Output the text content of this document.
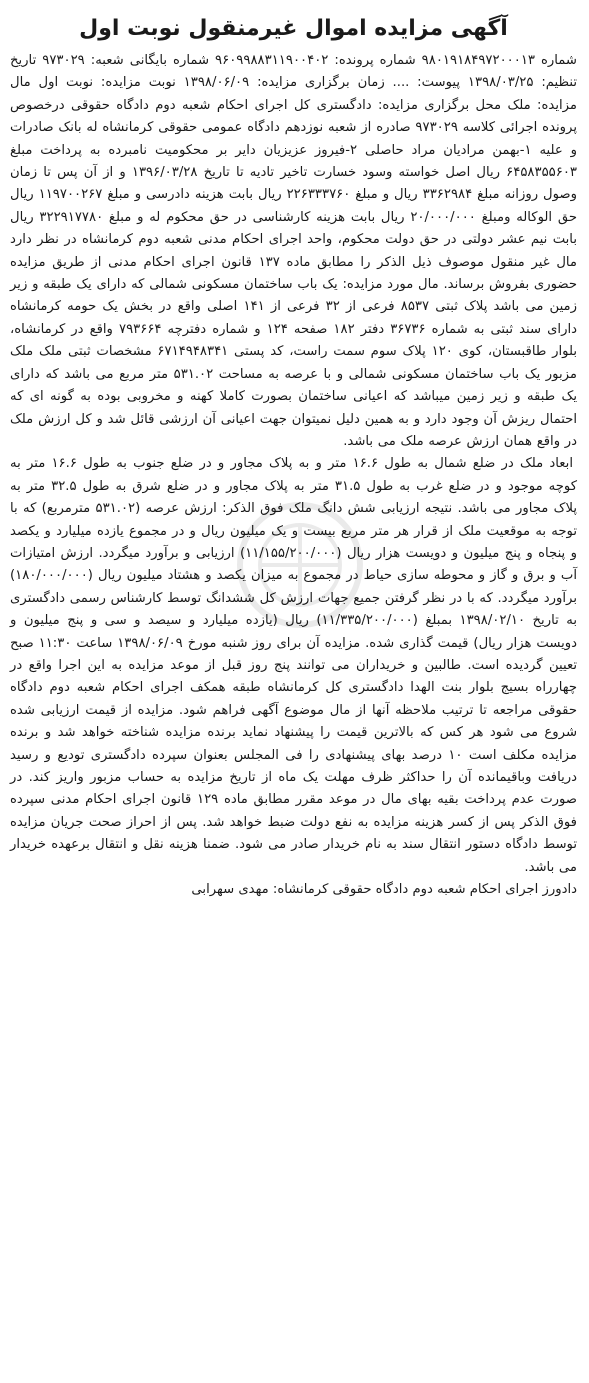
آگهی مزایده اموال غیرمنقول نوبت اول

شماره ۹۸۰۱۹۱۸۴۹۷۲۰۰۰۱۳ شماره پرونده: ۹۶۰۹۹۸۸۳۱۱۹۰۰۴۰۲ شماره بایگانی شعبه: ۹۷۳۰۲۹ تاریخ تنظیم: ۱۳۹۸/۰۳/۲۵ پیوست: .... زمان برگزاری مزایده: ۱۳۹۸/۰۶/۰۹ نوبت مزایده: نوبت اول مال مزایده: ملک محل برگزاری مزایده: دادگستری کل اجرای احکام شعبه دوم دادگاه حقوقی درخصوص پرونده اجرائی کلاسه ۹۷۳۰۲۹ صادره از شعبه نوزدهم دادگاه عمومی حقوقی کرمانشاه له بانک صادرات و علیه ۱-بهمن مرادیان مراد حاصلی ۲-فیروز عزیزیان دایر بر محکومیت نامبرده به پرداخت مبلغ ۶۴۵۸۳۵۵۶۰۳ ریال اصل خواسته وسود خسارت تاخیر تادیه تا تاریخ ۱۳۹۶/۰۳/۲۸ و از آن پس تا زمان وصول روزانه مبلغ ۳۳۶۲۹۸۴ ریال و مبلغ ۲۲۶۳۳۳۷۶۰ ریال بابت هزینه دادرسی و مبلغ ۱۱۹۷۰۰۲۶۷ ریال حق الوکاله ومبلغ ۲۰/۰۰۰/۰۰۰ ریال بابت هزینه کارشناسی در حق محکوم له و مبلغ ۳۲۲۹۱۷۷۸۰ ریال بابت نیم عشر دولتی در حق دولت محکوم، واحد اجرای احکام مدنی شعبه دوم کرمانشاه در نظر دارد مال غیر منقول موصوف ذیل الذکر را مطابق ماده ۱۳۷ قانون اجرای احکام مدنی از طریق مزایده حضوری بفروش برساند. مال مورد مزایده: یک باب ساختمان مسکونی شمالی که دارای یک طبقه و زیر زمین می باشد پلاک ثبتی ۸۵۳۷ فرعی از ۳۲ فرعی از ۱۴۱ اصلی واقع در بخش یک حومه کرمانشاه دارای سند ثبتی به شماره ۳۶۷۳۶ دفتر ۱۸۲ صفحه ۱۲۴ و شماره دفترچه ۷۹۳۶۶۴ واقع در کرمانشاه، بلوار طاقبستان، کوی ۱۲۰ پلاک سوم سمت راست، کد پستی ۶۷۱۴۹۴۸۳۴۱ مشخصات ثبتی ملک ملک مزبور یک باب ساختمان مسکونی شمالی و با عرصه به مساحت ۵۳۱.۰۲ متر مربع می باشد که دارای یک طبقه و زیر زمین میباشد که اعیانی ساختمان بصورت کاملا کهنه و مخروبی بوده به گونه ای که احتمال ریزش آن وجود دارد و به همین دلیل نمیتوان جهت اعیانی آن ارزشی قائل شد و کل ارزش ملک در واقع همان ارزش عرصه ملک می باشد.

ابعاد ملک در ضلع شمال به طول ۱۶.۶ متر و به پلاک مجاور و در ضلع جنوب به طول ۱۶.۶ متر به کوچه موجود و در ضلع غرب به طول ۳۱.۵ متر به پلاک مجاور و در ضلع شرق به طول ۳۲.۵ متر به پلاک مجاور می باشد. نتیجه ارزیابی شش دانگ ملک فوق الذکر: ارزش عرصه (۵۳۱.۰۲ مترمربع) که با توجه به موقعیت ملک از قرار هر متر مربع بیست و یک میلیون ریال و در مجموع یازده میلیارد و یکصد و پنجاه و پنج میلیون و دویست هزار ریال (۱۱/۱۵۵/۲۰۰/۰۰۰) ارزیابی و برآورد میگردد. ارزش امتیازات آب و برق و گاز و محوطه سازی حیاط در مجموع به میزان یکصد و هشتاد میلیون ریال (۱۸۰/۰۰۰/۰۰۰) برآورد میگردد. که با در نظر گرفتن جمیع جهات ارزش کل ششدانگ توسط کارشناس رسمی دادگستری به تاریخ ۱۳۹۸/۰۲/۱۰ بمبلغ (۱۱/۳۳۵/۲۰۰/۰۰۰) ریال (یازده میلیارد و سیصد و سی و پنج میلیون و دویست هزار ریال) قیمت گذاری شده. مزایده آن برای روز شنبه مورخ ۱۳۹۸/۰۶/۰۹ ساعت ۱۱:۳۰ صبح تعیین گردیده است. طالبین و خریداران می توانند پنج روز قبل از موعد مزایده به این اجرا واقع در چهارراه بسیج بلوار بنت الهدا دادگستری کل کرمانشاه طبقه همکف اجرای احکام شعبه دوم دادگاه حقوقی مراجعه تا ترتیب ملاحظه آنها از مال موضوع آگهی فراهم شود. مزایده از قیمت ارزیابی شده شروع می شود هر کس که بالاترین قیمت را پیشنهاد نماید برنده مزایده شناخته خواهد شد و برنده مزایده مکلف است ۱۰ درصد بهای پیشنهادی را فی المجلس بعنوان سپرده دادگستری تودیع و رسید دریافت وباقیمانده آن را حداکثر ظرف مهلت یک ماه از تاریخ مزایده به حساب مزبور واریز کند. در صورت عدم پرداخت بقیه بهای مال در موعد مقرر مطابق ماده ۱۲۹ قانون اجرای احکام مدنی سپرده فوق الذکر پس از کسر هزینه مزایده به نفع دولت ضبط خواهد شد. پس از احراز صحت جریان مزایده توسط دادگاه دستور انتقال سند به نام خریدار صادر می شود. ضمنا هزینه نقل و انتقال برعهده خریدار می باشد.

دادورز اجرای احکام شعبه دوم دادگاه حقوقی کرمانشاه: مهدی سهرابی
